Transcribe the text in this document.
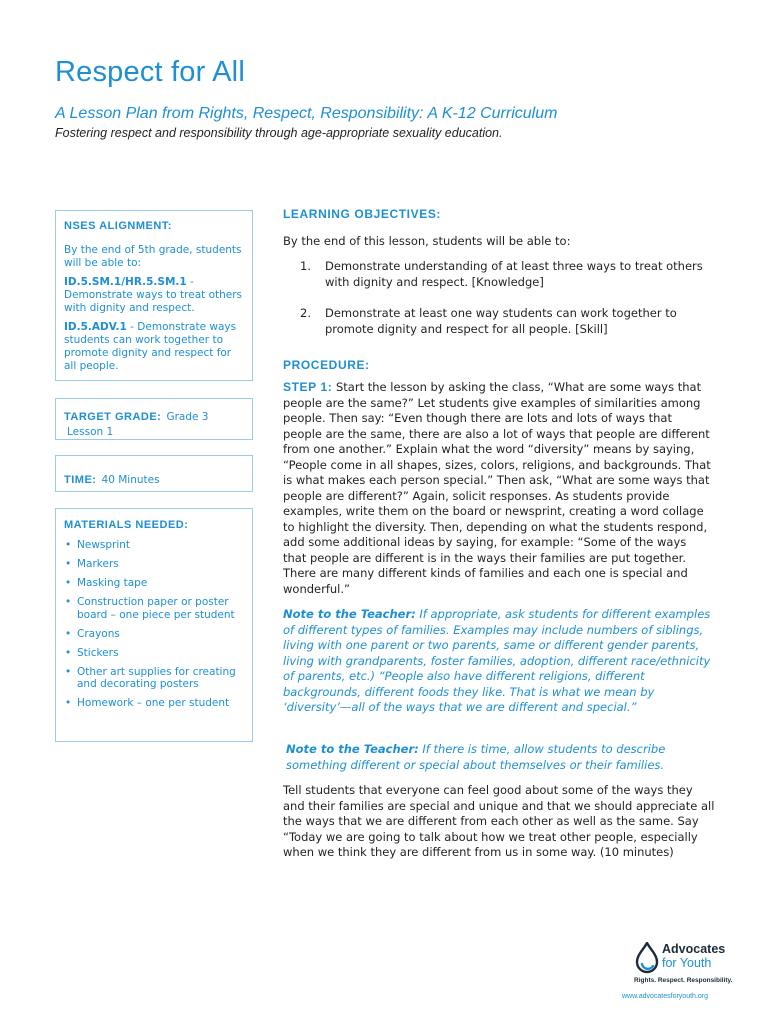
Respect for All
A Lesson Plan from Rights, Respect, Responsibility: A K-12 Curriculum
Fostering respect and responsibility through age-appropriate sexuality education.
NSES ALIGNMENT:
By the end of 5th grade, students will be able to:
ID.5.SM.1/HR.5.SM.1 - Demonstrate ways to treat others with dignity and respect.
ID.5.ADV.1 - Demonstrate ways students can work together to promote dignity and respect for all people.
TARGET GRADE: Grade 3
Lesson 1
TIME: 40 Minutes
MATERIALS NEEDED:
• Newsprint
• Markers
• Masking tape
• Construction paper or poster board – one piece per student
• Crayons
• Stickers
• Other art supplies for creating and decorating posters
• Homework – one per student
LEARNING OBJECTIVES:
By the end of this lesson, students will be able to:
1.	Demonstrate understanding of at least three ways to treat others with dignity and respect. [Knowledge]
2.	Demonstrate at least one way students can work together to promote dignity and respect for all people. [Skill]
PROCEDURE:
STEP 1: Start the lesson by asking the class, “What are some ways that people are the same?” Let students give examples of similarities among people. Then say: “Even though there are lots and lots of ways that people are the same, there are also a lot of ways that people are different from one another.” Explain what the word “diversity” means by saying, “People come in all shapes, sizes, colors, religions, and backgrounds. That is what makes each person special.” Then ask, “What are some ways that people are different?” Again, solicit responses. As students provide examples, write them on the board or newsprint, creating a word collage to highlight the diversity. Then, depending on what the students respond, add some additional ideas by saying, for example: “Some of the ways that people are different is in the ways their families are put together. There are many different kinds of families and each one is special and wonderful.”
Note to the Teacher: If appropriate, ask students for different examples of different types of families. Examples may include numbers of siblings, living with one parent or two parents, same or different gender parents, living with grandparents, foster families, adoption, different race/ethnicity of parents, etc.) “People also have different religions, different backgrounds, different foods they like. That is what we mean by ‘diversity’—all of the ways that we are different and special.”
Note to the Teacher: If there is time, allow students to describe something different or special about themselves or their families.
Tell students that everyone can feel good about some of the ways they and their families are special and unique and that we should appreciate all the ways that we are different from each other as well as the same. Say “Today we are going to talk about how we treat other people, especially when we think they are different from us in some way. (10 minutes)
Advocates
for Youth
Rights. Respect. Responsibility.
www.advocatesforyouth.org
